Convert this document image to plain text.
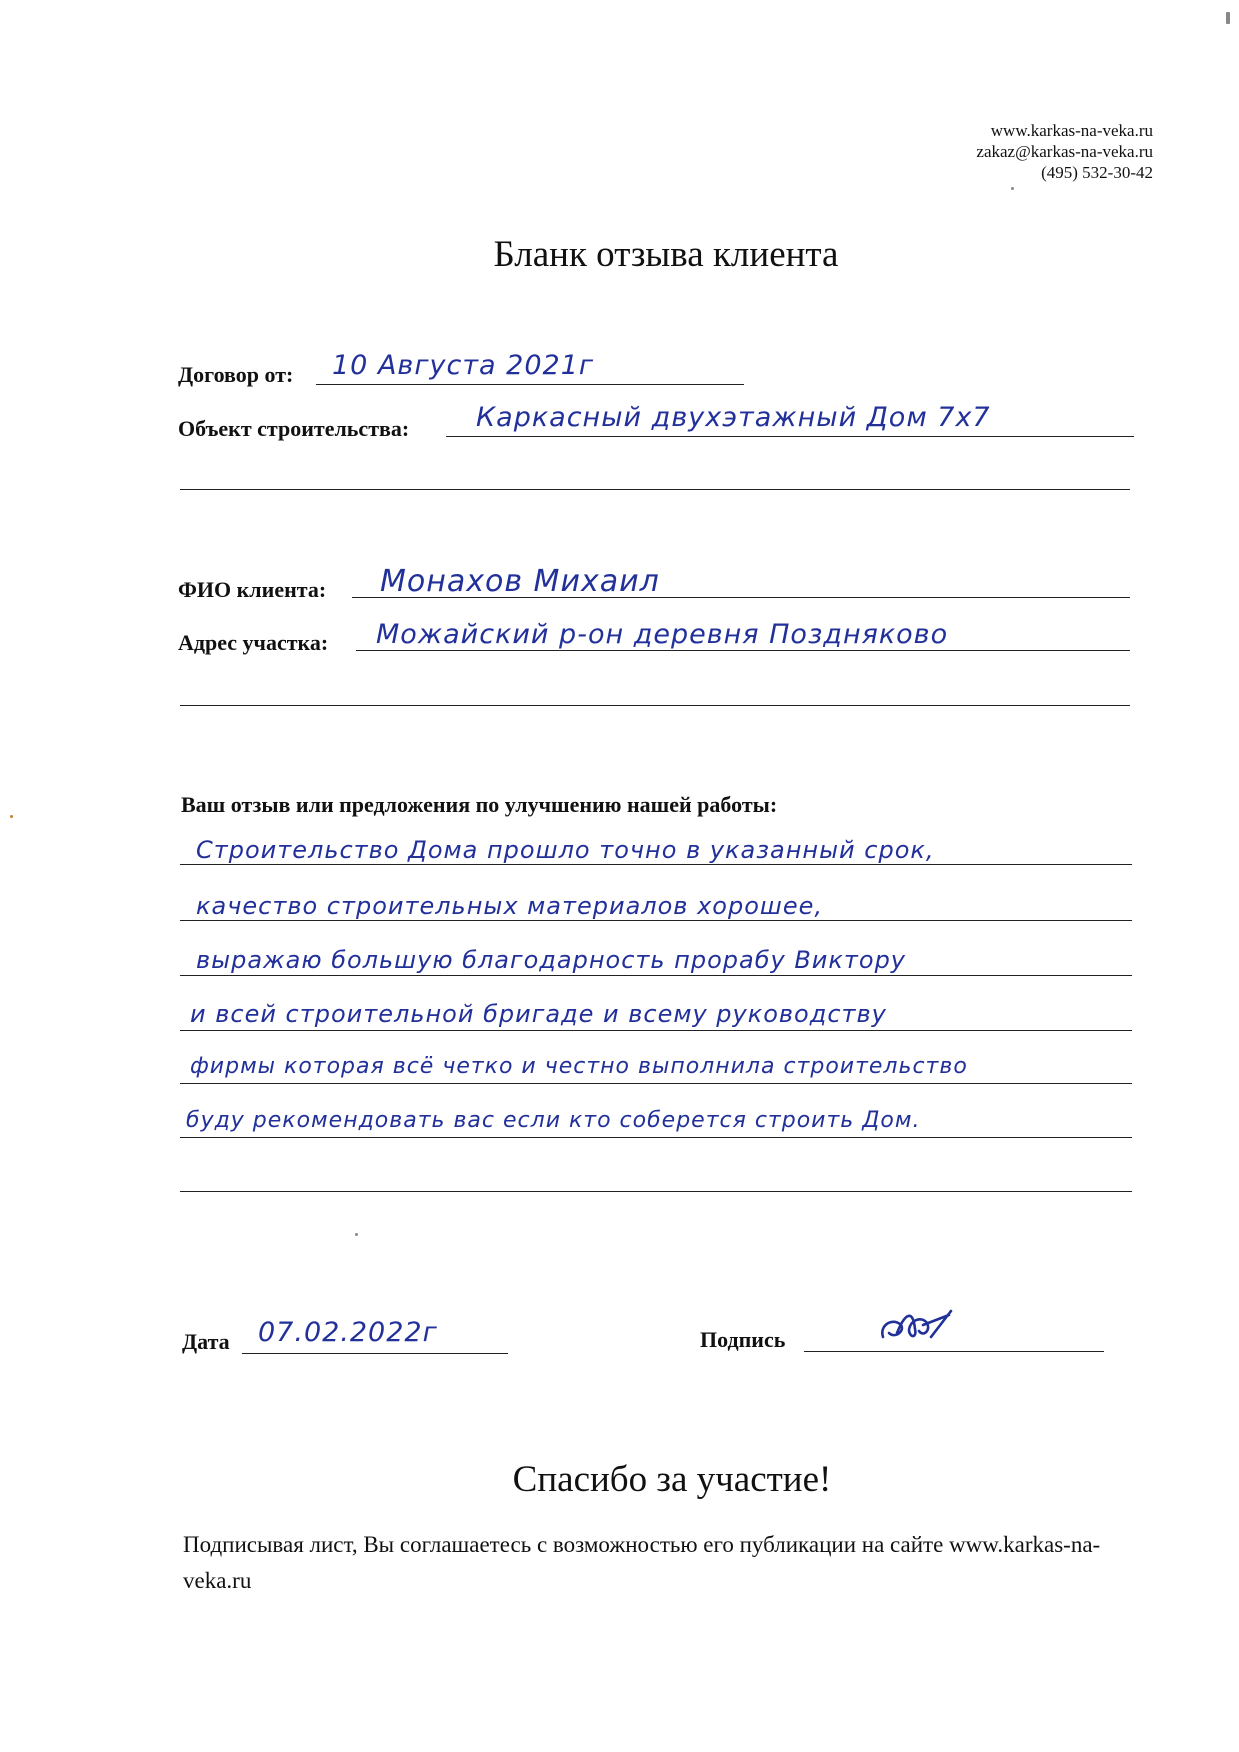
www.karkas-na-veka.ru
zakaz@karkas-na-veka.ru
(495) 532-30-42
Бланк отзыва клиента
Договор от: 10 Августа 2021г
Объект строительства: Каркасный двухэтажный Дом 7х7
ФИО клиента: Монахов Михаил
Адрес участка: Можайский р-он деревня Поздняково
Ваш отзыв или предложения по улучшению нашей работы:
Строительство Дома прошло точно в указанный срок,
качество строительных материалов хорошее,
выражаю большую благодарность прорабу Виктору
и всей строительной бригаде и всему руководству
фирмы которая всё четко и честно выполнила строительство
буду рекомендовать вас если кто соберется строить Дом.
Дата 07.02.2022г	Подпись
Спасибо за участие!
Подписывая лист, Вы соглашаетесь с возможностью его публикации на сайте www.karkas-na-veka.ru
